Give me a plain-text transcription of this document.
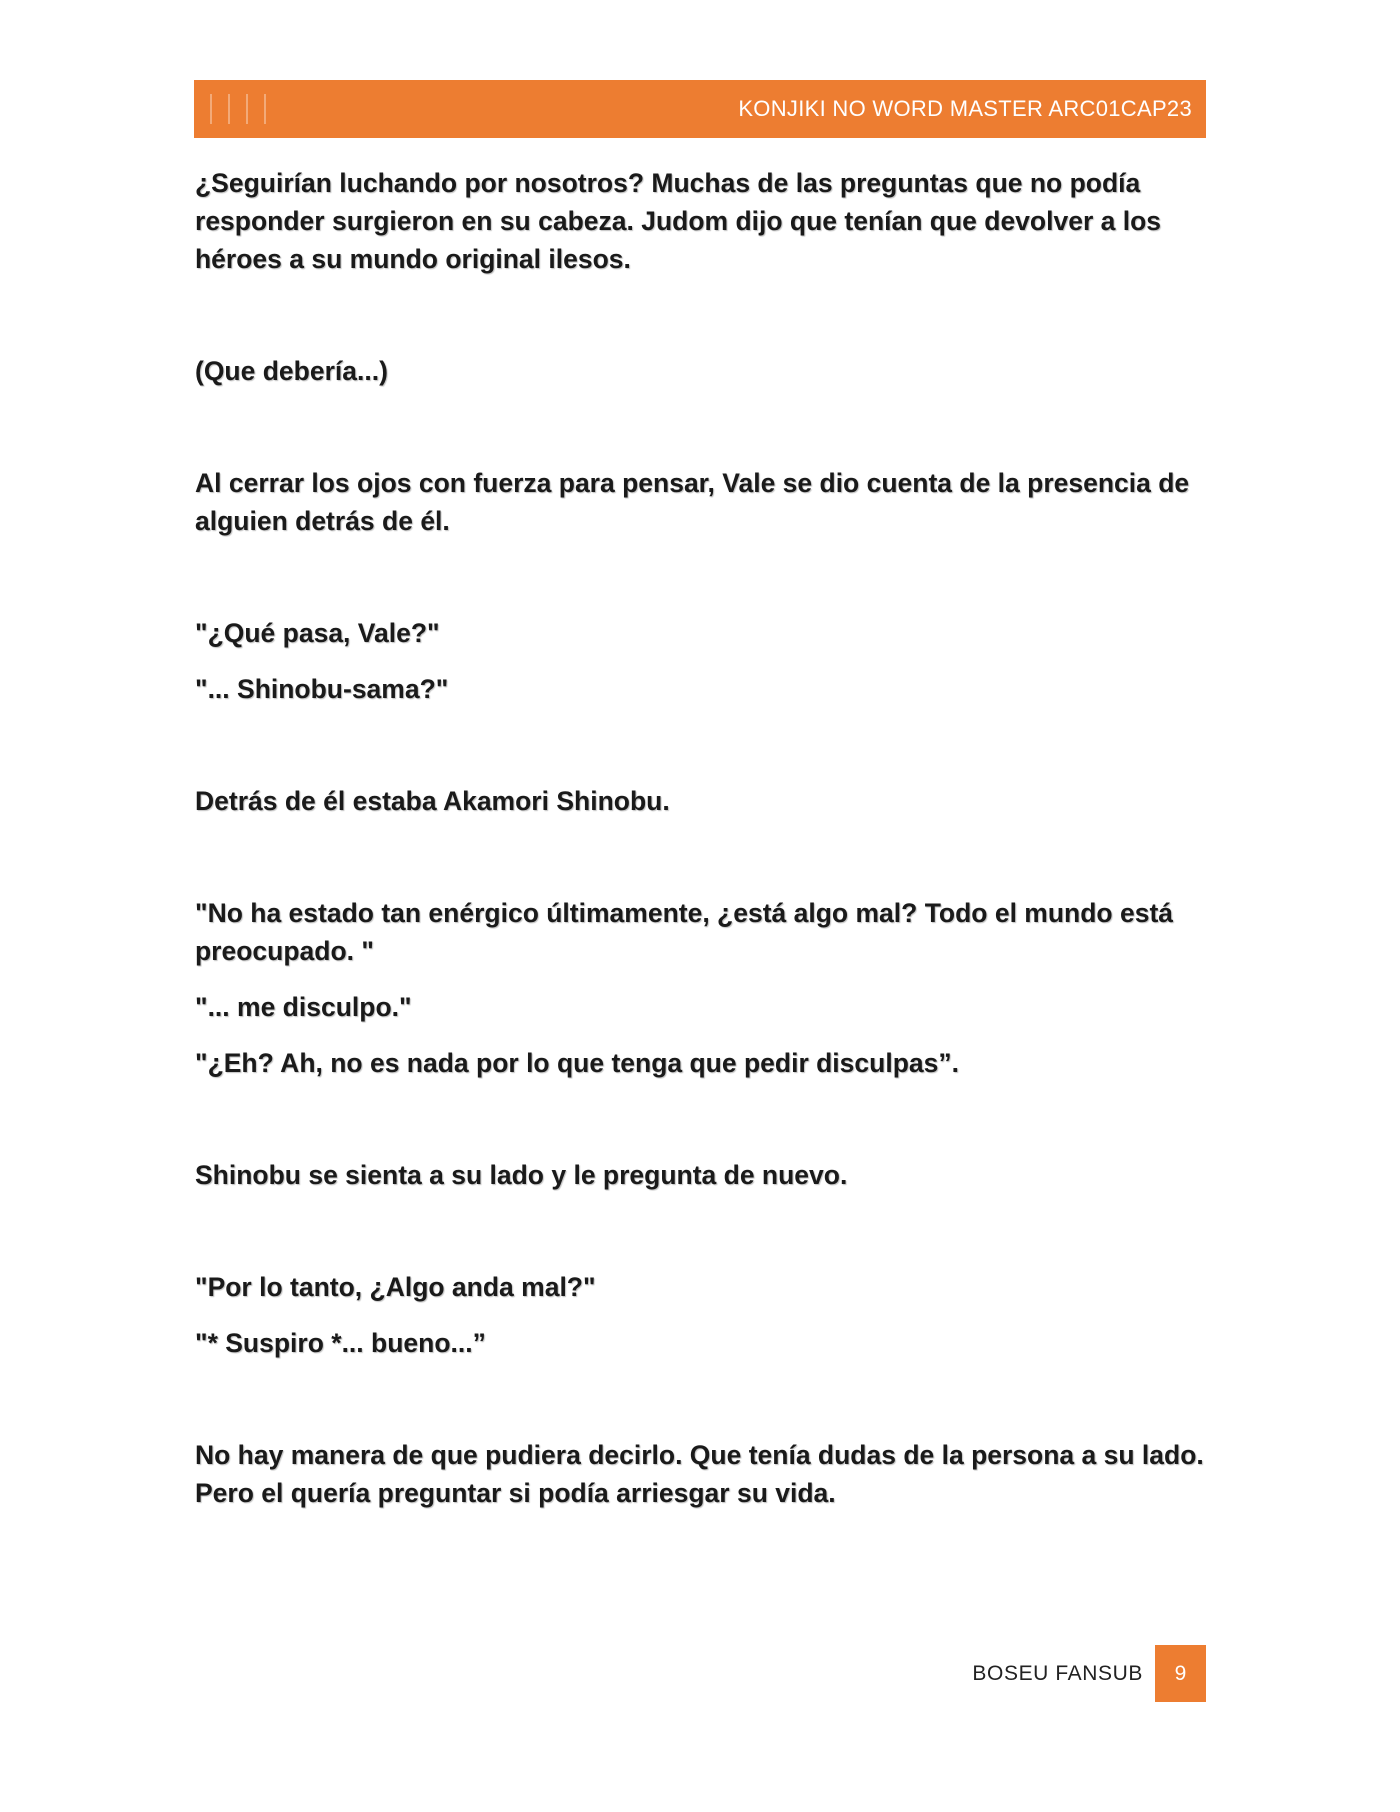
KONJIKI NO WORD MASTER ARC01CAP23

¿Seguirían luchando por nosotros? Muchas de las preguntas que no podía responder surgieron en su cabeza. Judom dijo que tenían que devolver a los héroes a su mundo original ilesos.

(Que debería...)

Al cerrar los ojos con fuerza para pensar, Vale se dio cuenta de la presencia de alguien detrás de él.

"¿Qué pasa, Vale?"

"... Shinobu-sama?"

Detrás de él estaba Akamori Shinobu.

"No ha estado tan enérgico últimamente, ¿está algo mal? Todo el mundo está preocupado. "

"... me disculpo."

"¿Eh? Ah, no es nada por lo que tenga que pedir disculpas”.

Shinobu se sienta a su lado y le pregunta de nuevo.

"Por lo tanto, ¿Algo anda mal?"

"* Suspiro *... bueno...”

No hay manera de que pudiera decirlo. Que tenía dudas de la persona a su lado. Pero el quería preguntar si podía arriesgar su vida.

BOSEU FANSUB	9
